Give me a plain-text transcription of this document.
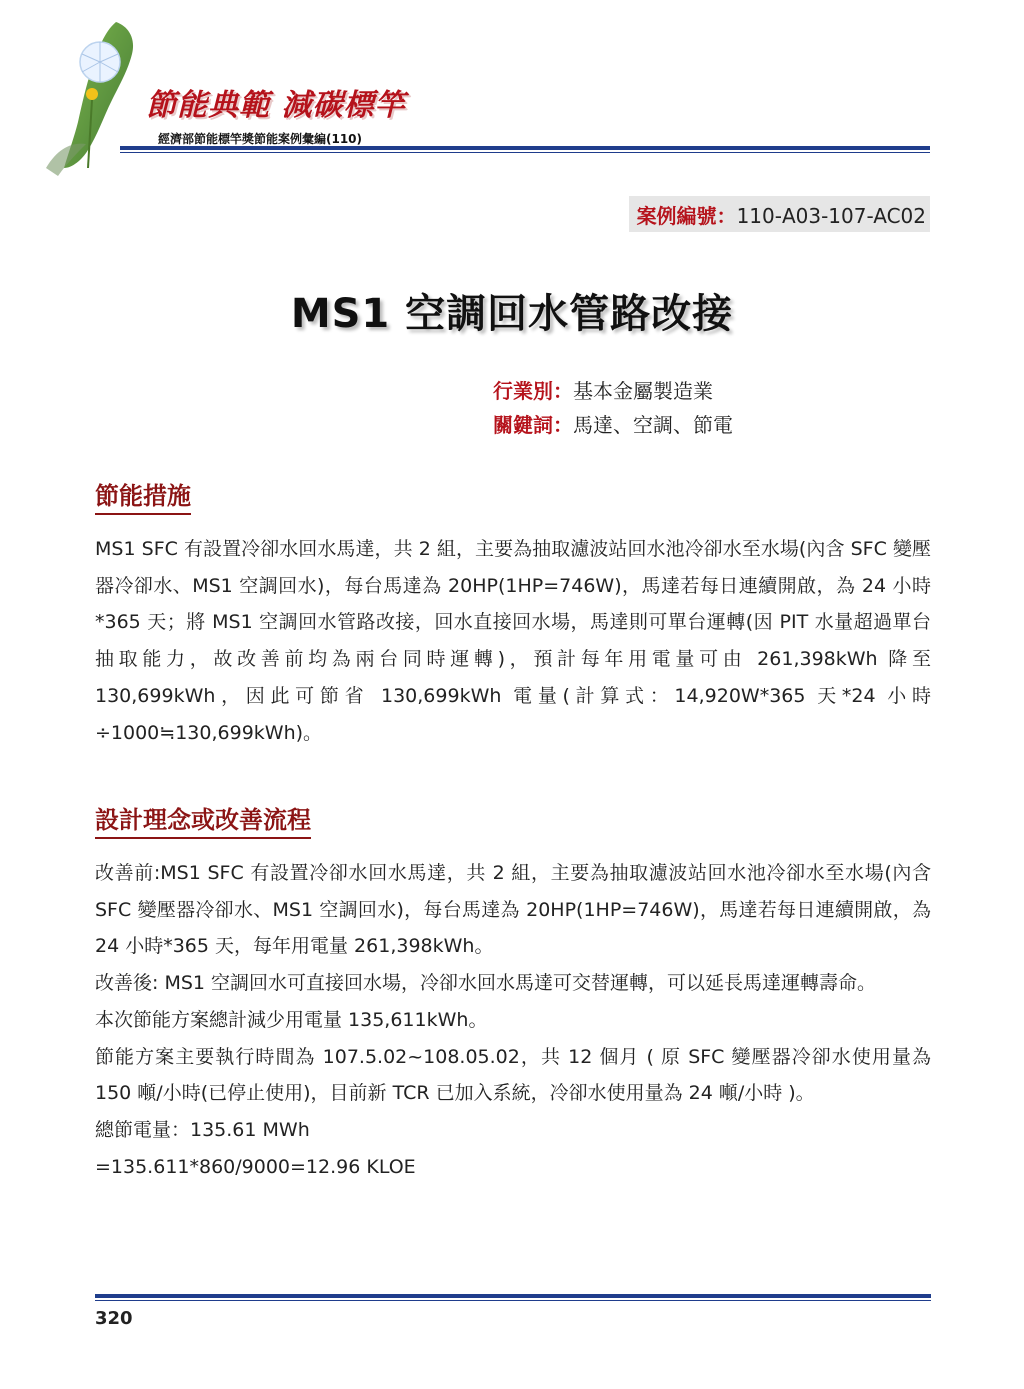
節能典範 減碳標竿
經濟部節能標竿獎節能案例彙編(110)
案例編號：110-A03-107-AC02
MS1 空調回水管路改接
行業別：基本金屬製造業
關鍵詞：馬達、空調、節電
節能措施

MS1 SFC 有設置冷卻水回水馬達，共 2 組，主要為抽取濾波站回水池冷卻水至水場(內含 SFC 變壓器冷卻水、MS1 空調回水)，每台馬達為 20HP(1HP=746W)，馬達若每日連續開啟，為 24 小時*365 天；將 MS1 空調回水管路改接，回水直接回水場，馬達則可單台運轉(因 PIT 水量超過單台抽取能力，故改善前均為兩台同時運轉)，預計每年用電量可由 261,398kWh 降至 130,699kWh，因此可節省 130,699kWh 電量(計算式：14,920W*365 天*24 小時÷1000≒130,699kWh)。

設計理念或改善流程

改善前:MS1 SFC 有設置冷卻水回水馬達，共 2 組，主要為抽取濾波站回水池冷卻水至水場(內含 SFC 變壓器冷卻水、MS1 空調回水)，每台馬達為 20HP(1HP=746W)，馬達若每日連續開啟，為 24 小時*365 天，每年用電量 261,398kWh。

改善後: MS1 空調回水可直接回水場，冷卻水回水馬達可交替運轉，可以延長馬達運轉壽命。

本次節能方案總計減少用電量 135,611kWh。

節能方案主要執行時間為 107.5.02~108.05.02，共 12 個月 ( 原 SFC 變壓器冷卻水使用量為 150 噸/小時(已停止使用)，目前新 TCR 已加入系統，冷卻水使用量為 24 噸/小時 )。

總節電量：135.61 MWh

=135.611*860/9000=12.96 KLOE

320
